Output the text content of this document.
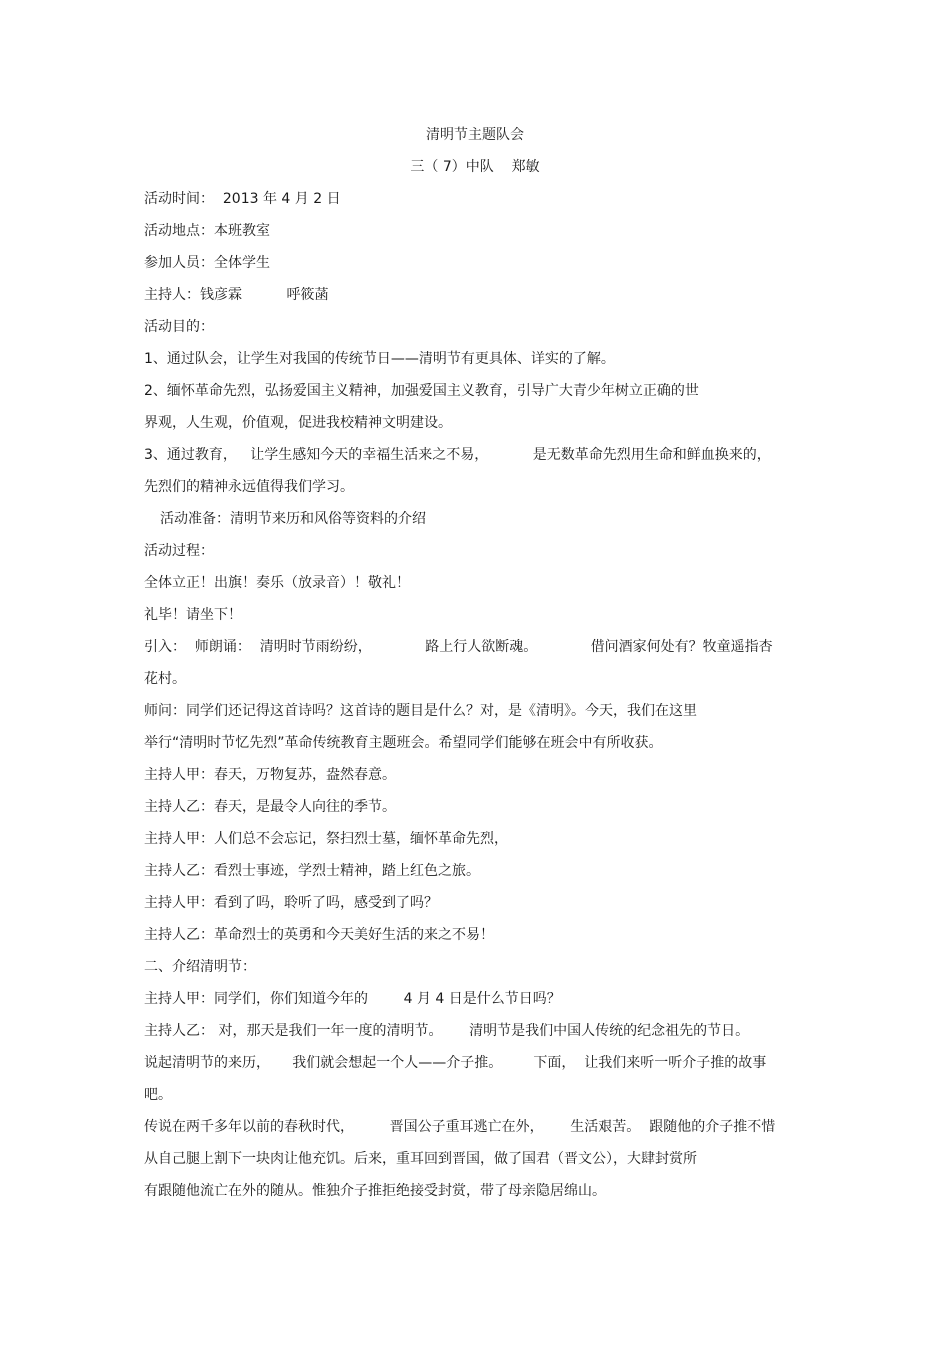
清明节主题队会
三（ 7）中队    郑敏
活动时间：  2013 年 4 月 2 日
活动地点：本班教室
参加人员：全体学生
主持人：钱彦霖          呼筱菡
活动目的：
1、通过队会，让学生对我国的传统节日——清明节有更具体、详实的了解。
2、缅怀革命先烈，弘扬爱国主义精神，加强爱国主义教育，引导广大青少年树立正确的世
界观，人生观，价值观，促进我校精神文明建设。
3、通过教育，   让学生感知今天的幸福生活来之不易，          是无数革命先烈用生命和鲜血换来的，
先烈们的精神永远值得我们学习。
活动准备：清明节来历和风俗等资料的介绍
活动过程：
全体立正！出旗！奏乐（放录音）！敬礼！
礼毕！请坐下！
引入：  师朗诵：  清明时节雨纷纷，            路上行人欲断魂。            借问酒家何处有？牧童遥指杏
花村。
师问：同学们还记得这首诗吗？这首诗的题目是什么？对，是《清明》。今天，我们在这里
举行“清明时节忆先烈”革命传统教育主题班会。希望同学们能够在班会中有所收获。
主持人甲：春天，万物复苏，盎然春意。
主持人乙：春天，是最令人向往的季节。
主持人甲：人们总不会忘记，祭扫烈士墓，缅怀革命先烈，
主持人乙：看烈士事迹，学烈士精神，踏上红色之旅。
主持人甲：看到了吗，聆听了吗，感受到了吗？
主持人乙：革命烈士的英勇和今天美好生活的来之不易！
二、介绍清明节：
主持人甲：同学们，你们知道今年的        4 月 4 日是什么节日吗？
主持人乙： 对，那天是我们一年一度的清明节。      清明节是我们中国人传统的纪念祖先的节日。
说起清明节的来历，     我们就会想起一个人——介子推。       下面，  让我们来听一听介子推的故事
吧。
传说在两千多年以前的春秋时代，        晋国公子重耳逃亡在外，      生活艰苦。  跟随他的介子推不惜
从自己腿上割下一块肉让他充饥。后来，重耳回到晋国，做了国君（晋文公），大肆封赏所
有跟随他流亡在外的随从。惟独介子推拒绝接受封赏，带了母亲隐居绵山。
